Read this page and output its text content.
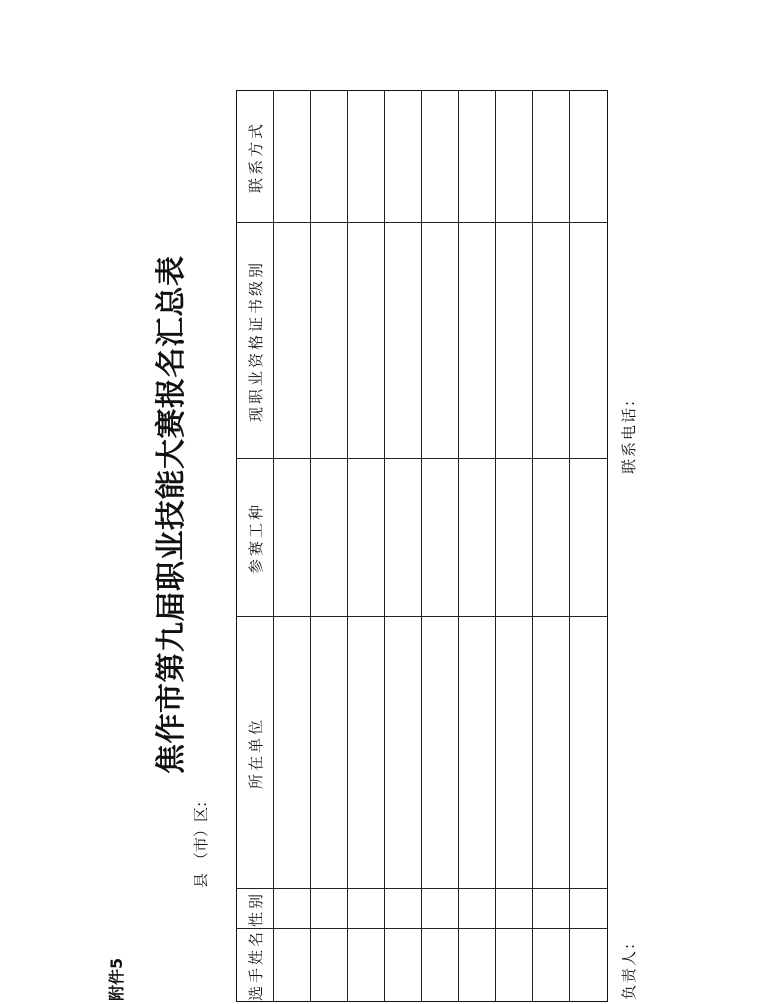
附件5
焦作市第九届职业技能大赛报名汇总表
县（市）区:
选手姓名
性别
所在单位
参赛工种
现职业资格证书级别
联系方式
负责人:
联系电话:
